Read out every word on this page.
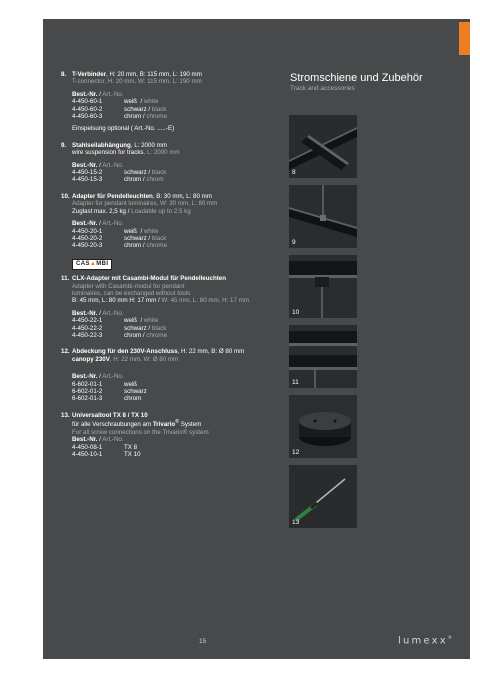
8. T-Verbinder, H: 20 mm, B: 115 mm, L: 190 mm
T-connector, H: 20 mm, W: 115 mm, L: 190 mm
Best.-Nr. / Art.-No.
4-450-60-1	weiß / white
4-450-60-2	schwarz / black
4-450-60-3	chrom / chrome
Einspeisung optional ( Art.-No. .....-E)
9. Stahlseilabhängung, L: 2000 mm
wire suspension for tracks, L: 2000 mm
Best.-Nr. / Art.-No.
4-450-15-2	schwarz / black
4-450-15-3	chrom / chrom
10. Adapter für Pendelleuchten, B: 30 mm, L: 80 mm
Adapter for pendant luminaires, W: 30 mm, L: 80 mm
Zuglast max. 2,5 kg / Loadable up to 2,5 kg
Best.-Nr. / Art.-No.
4-450-20-1	weiß / white
4-450-20-2	schwarz / black
4-450-20-3	chrom / chrome
CAS▲MBI
11. CLX-Adapter mit Casambi-Modul für Pendelleuchten
Adapter with Casambi-modul for pendant
luminaires, can be exchanged without tools
B: 45 mm, L: 80 mm H: 17 mm / W: 45 mm, L: 80 mm, H: 17 mm
Best.-Nr. / Art.-No.
4-450-22-1	weiß / white
4-450-22-2	schwarz / black
4-450-22-3	chrom / chrome
12. Abdeckung für den 230V-Anschluss, H: 22 mm, B: Ø 80 mm
canopy 230V, H: 22 mm, W: Ø 80 mm
Best.-Nr. / Art.-No.
6-602-01-1	weiß
6-602-01-2	schwarz
6-602-01-3	chrom
13. Universaltool TX 8 / TX 10
für alle Verschraubungen am Trivario® System
For all screw connections on the Trivario® system
Best.-Nr. / Art.-No.
4-450-08-1	TX 8
4-450-10-1	TX 10
Stromschiene und Zubehör
Track and accessories
8
9
10
11
12
13
15	lumexx®
